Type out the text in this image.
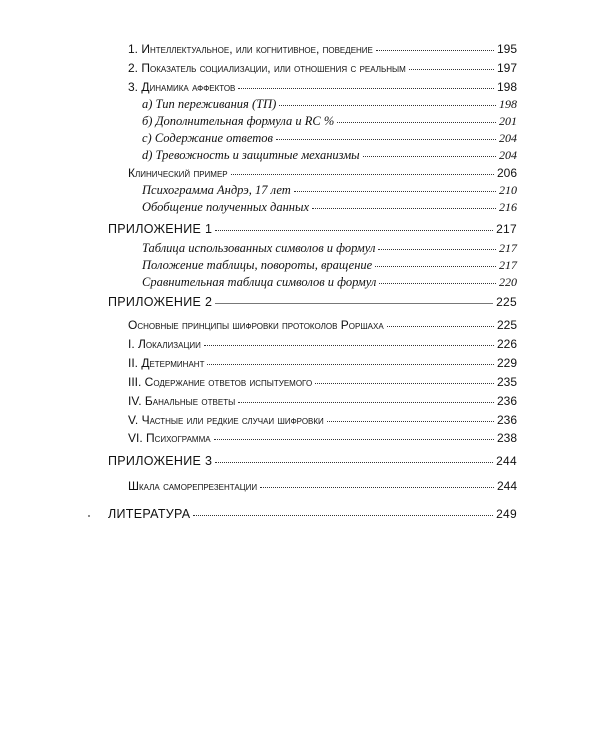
1. Интеллектуальное, или когнитивное, поведение	195
2. Показатель социализации, или отношения с реальным	197
3. Динамика аффектов	198
a) Тип переживания (ТП)	198
б) Дополнительная формула и RC %	201
c) Содержание ответов	204
d) Тревожность и защитные механизмы	204
Клинический пример	206
Психограмма Андрэ, 17 лет	210
Обобщение полученных данных	216
ПРИЛОЖЕНИЕ 1	217
Таблица использованных символов и формул	217
Положение таблицы, повороты, вращение	217
Сравнительная таблица символов и формул	220
ПРИЛОЖЕНИЕ 2	225
Основные принципы шифровки протоколов Роршаха	225
I. Локализации	226
II. Детерминант	229
III. Содержание ответов испытуемого	235
IV. Банальные ответы	236
V. Частные или редкие случаи шифровки	236
VI. Психограмма	238
ПРИЛОЖЕНИЕ 3	244
Шкала саморепрезентации	244
ЛИТЕРАТУРА	249
